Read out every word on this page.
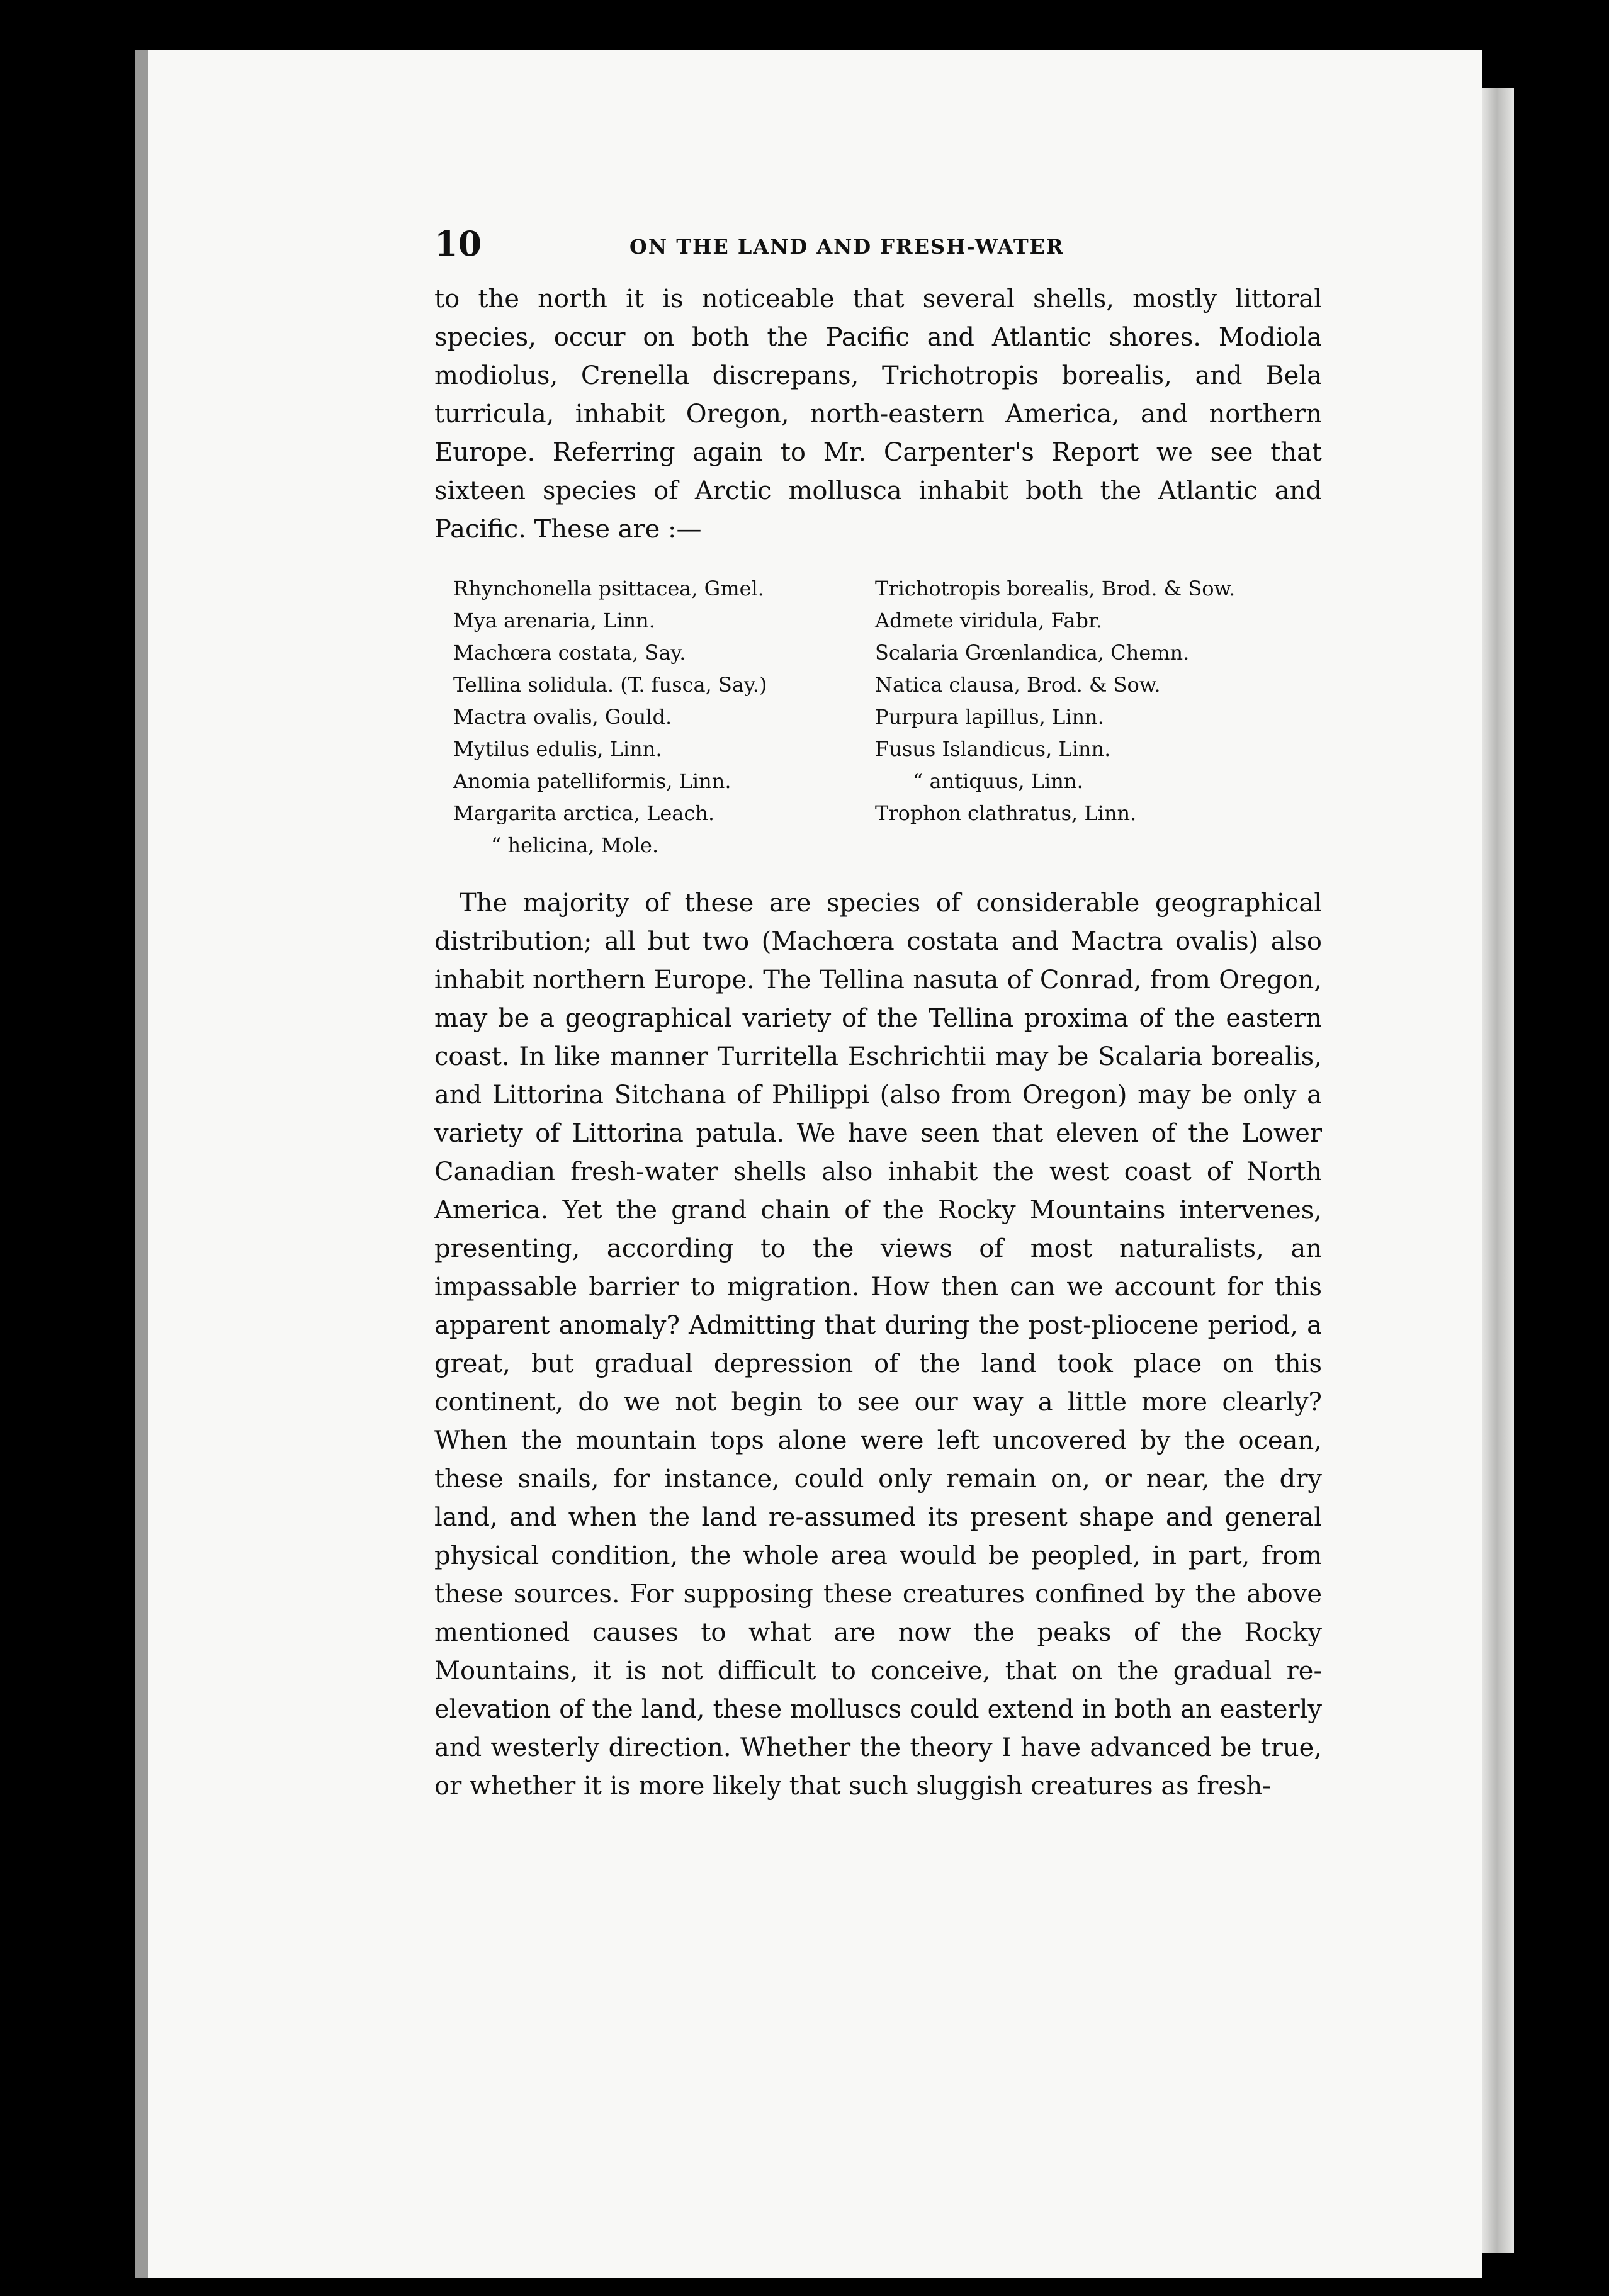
10	ON THE LAND AND FRESH-WATER

to the north it is noticeable that several shells, mostly littoral species, occur on both the Pacific and Atlantic shores. Modiola modiolus, Crenella discrepans, Trichotropis borealis, and Bela turricula, inhabit Oregon, north-eastern America, and northern Europe. Referring again to Mr. Carpenter's Report we see that sixteen species of Arctic mollusca inhabit both the Atlantic and Pacific. These are :—

Rhynchonella psittacea, Gmel.
Mya arenaria, Linn.
Machœra costata, Say.
Tellina solidula. (T. fusca, Say.)
Mactra ovalis, Gould.
Mytilus edulis, Linn.
Anomia patelliformis, Linn.
Margarita arctica, Leach.
“ helicina, Mole.
Trichotropis borealis, Brod. & Sow.
Admete viridula, Fabr.
Scalaria Grœnlandica, Chemn.
Natica clausa, Brod. & Sow.
Purpura lapillus, Linn.
Fusus Islandicus, Linn.
“ antiquus, Linn.
Trophon clathratus, Linn.

The majority of these are species of considerable geographical distribution; all but two (Machœra costata and Mactra ovalis) also inhabit northern Europe. The Tellina nasuta of Conrad, from Oregon, may be a geographical variety of the Tellina proxima of the eastern coast. In like manner Turritella Eschrichtii may be Scalaria borealis, and Littorina Sitchana of Philippi (also from Oregon) may be only a variety of Littorina patula. We have seen that eleven of the Lower Canadian fresh-water shells also inhabit the west coast of North America. Yet the grand chain of the Rocky Mountains intervenes, presenting, according to the views of most naturalists, an impassable barrier to migration. How then can we account for this apparent anomaly? Admitting that during the post-pliocene period, a great, but gradual depression of the land took place on this continent, do we not begin to see our way a little more clearly? When the mountain tops alone were left uncovered by the ocean, these snails, for instance, could only remain on, or near, the dry land, and when the land re-assumed its present shape and general physical condition, the whole area would be peopled, in part, from these sources. For supposing these creatures confined by the above mentioned causes to what are now the peaks of the Rocky Mountains, it is not difficult to conceive, that on the gradual re-elevation of the land, these molluscs could extend in both an easterly and westerly direction. Whether the theory I have advanced be true, or whether it is more likely that such sluggish creatures as fresh-
